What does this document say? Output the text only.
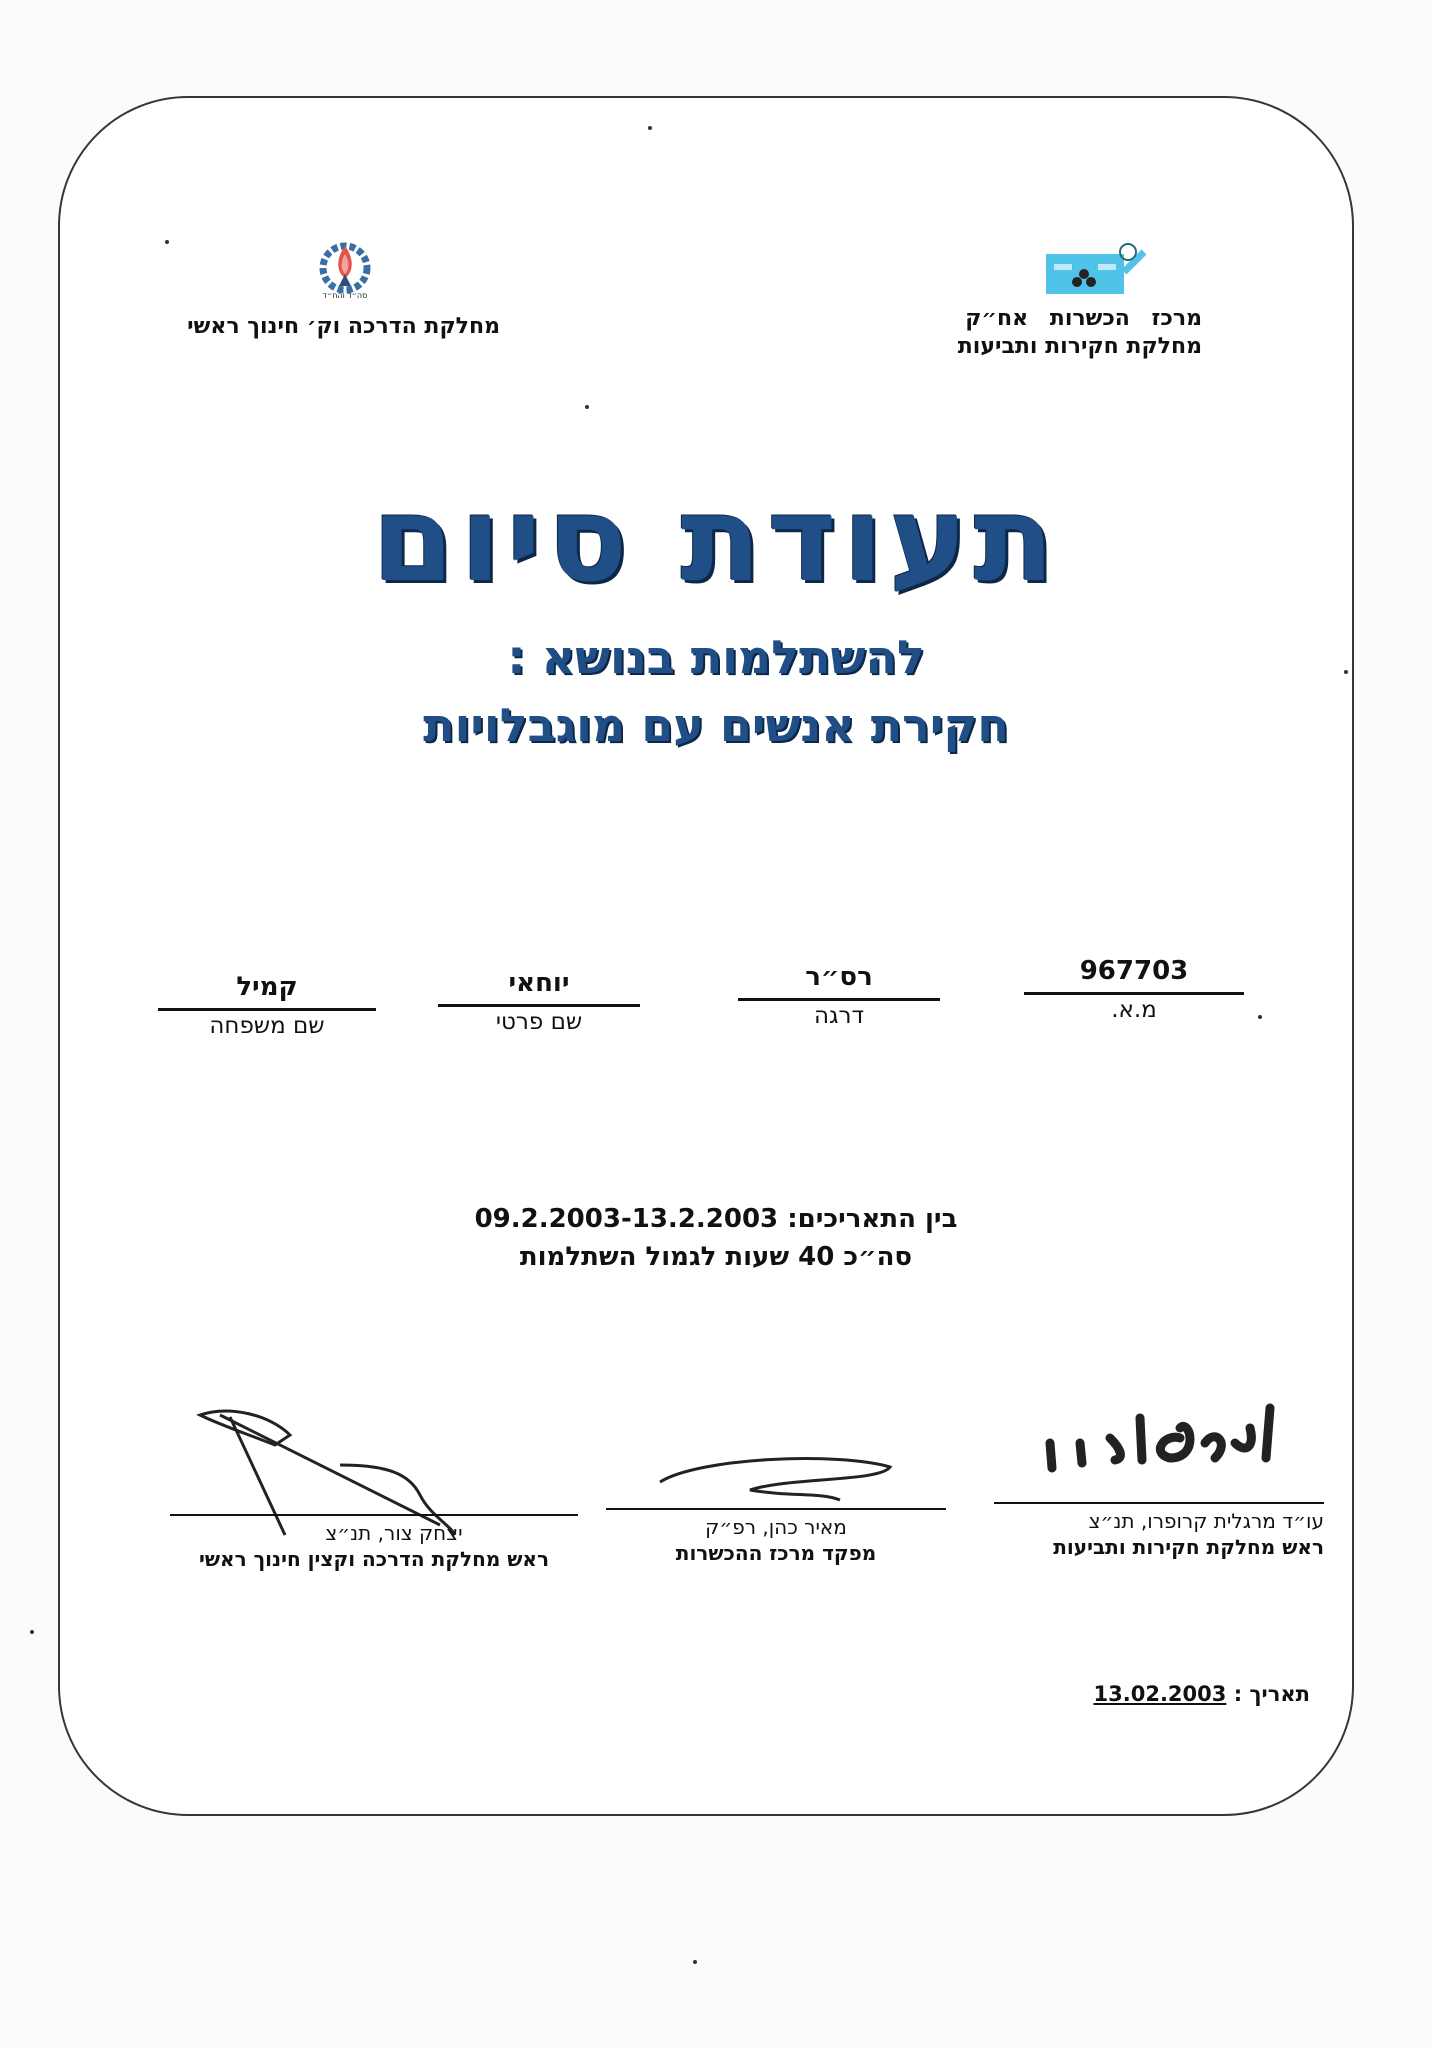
סה״ד והח״ד
מחלקת הדרכה וק׳ חינוך ראשי	מרכז הכשרות אח״ק
מחלקת חקירות ותביעות
תעודת סיום
להשתלמות בנושא :
חקירת אנשים עם מוגבלויות
967703
מ.א.
רס״ר
דרגה
יוחאי
שם פרטי
קמיל
שם משפחה
בין התאריכים: 09.2.2003-13.2.2003
סה״כ 40 שעות לגמול השתלמות
עו״ד מרגלית קרופרו, תנ״צ
ראש מחלקת חקירות ותביעות
מאיר כהן, רפ״ק
מפקד מרכז ההכשרות
יצחק צור, תנ״צ
ראש מחלקת הדרכה וקצין חינוך ראשי
תאריך : 13.02.2003
